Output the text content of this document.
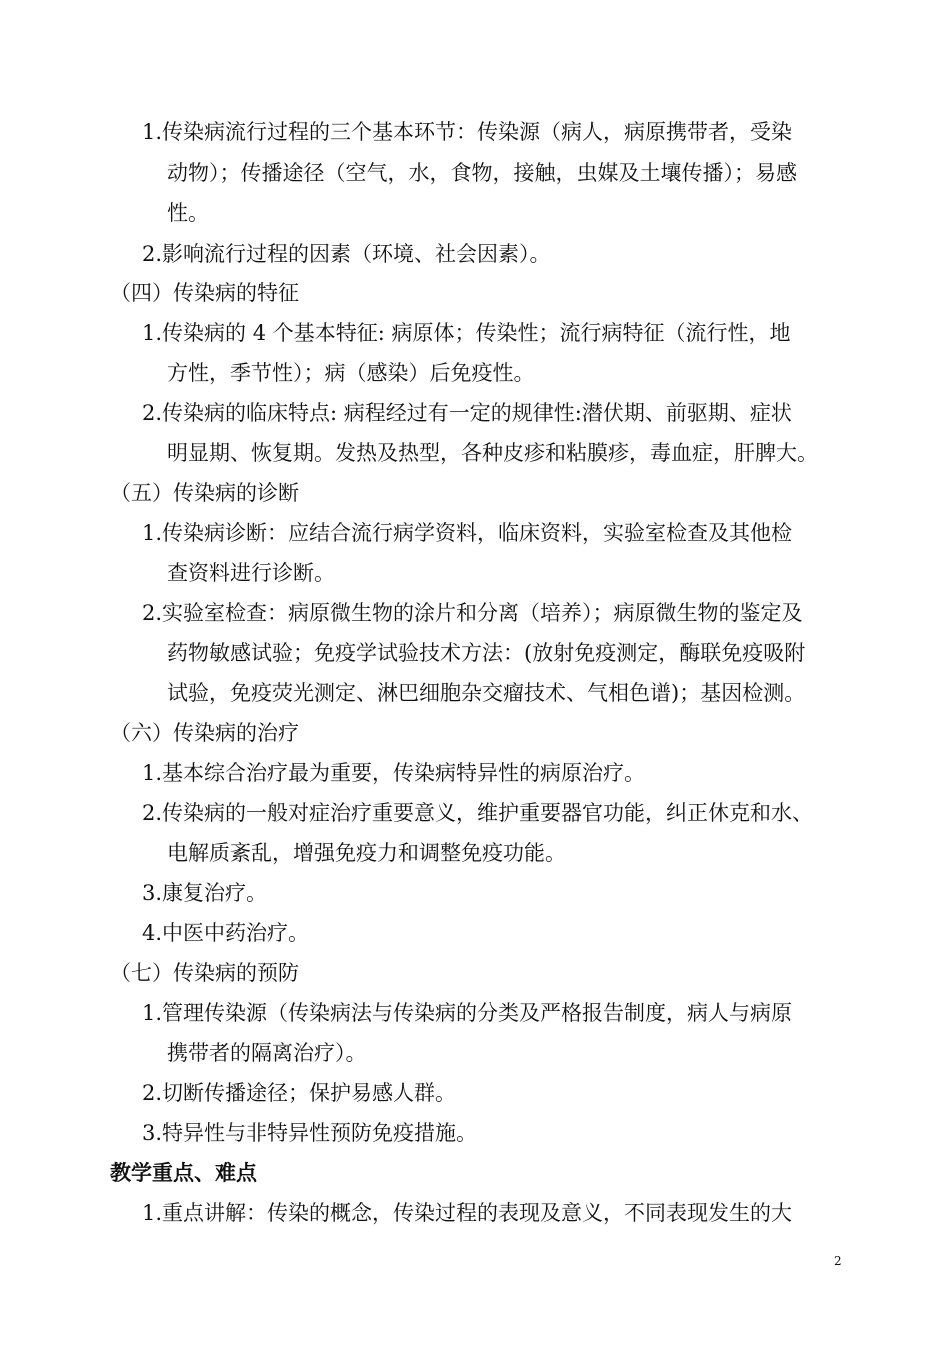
1.传染病流行过程的三个基本环节：传染源（病人，病原携带者，受染
动物）；传播途径（空气，水，食物，接触，虫媒及土壤传播）；易感
性。
2.影响流行过程的因素（环境、社会因素）。
（四）传染病的特征
1.传染病的 4 个基本特征: 病原体；传染性；流行病特征（流行性，地
方性，季节性）；病（感染）后免疫性。
2.传染病的临床特点: 病程经过有一定的规律性:潜伏期、前驱期、症状
明显期、恢复期。发热及热型，各种皮疹和粘膜疹，毒血症，肝脾大。
（五）传染病的诊断
1.传染病诊断：应结合流行病学资料，临床资料，实验室检查及其他检
查资料进行诊断。
2.实验室检查：病原微生物的涂片和分离（培养）；病原微生物的鉴定及
药物敏感试验；免疫学试验技术方法：(放射免疫测定，酶联免疫吸附
试验，免疫荧光测定、淋巴细胞杂交瘤技术、气相色谱)；基因检测。
（六）传染病的治疗
1.基本综合治疗最为重要，传染病特异性的病原治疗。
2.传染病的一般对症治疗重要意义，维护重要器官功能，纠正休克和水、
电解质紊乱，增强免疫力和调整免疫功能。
3.康复治疗。
4.中医中药治疗。
（七）传染病的预防
1.管理传染源（传染病法与传染病的分类及严格报告制度，病人与病原
携带者的隔离治疗）。
2.切断传播途径；保护易感人群。
3.特异性与非特异性预防免疫措施。
教学重点、难点
1.重点讲解：传染的概念，传染过程的表现及意义，不同表现发生的大
2
